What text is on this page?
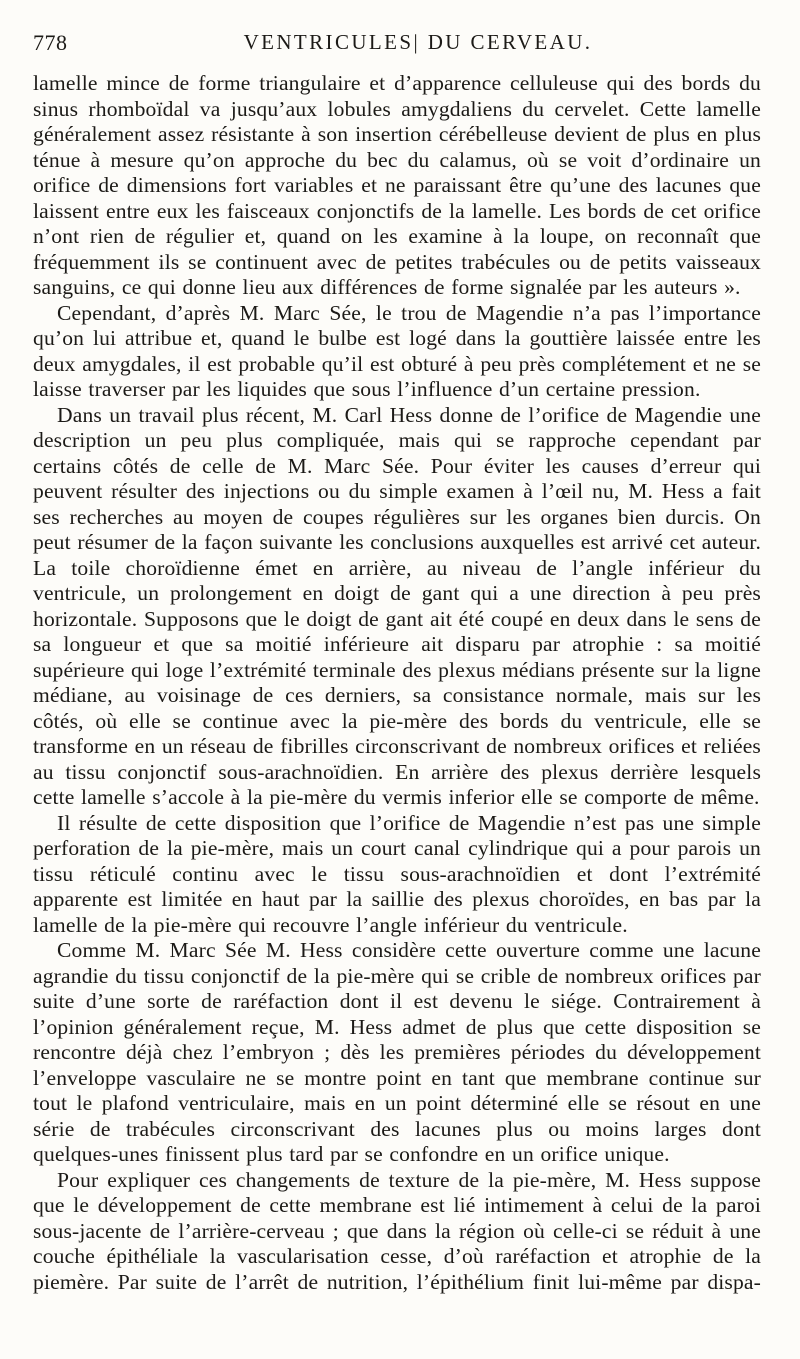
778	VENTRICULES| DU CERVEAU.

lamelle mince de forme triangulaire et d’apparence celluleuse qui des bords du sinus rhomboïdal va jusqu’aux lobules amygdaliens du cervelet. Cette lamelle généralement assez résistante à son insertion cérébelleuse devient de plus en plus ténue à mesure qu’on approche du bec du calamus, où se voit d’ordinaire un orifice de dimensions fort variables et ne paraissant être qu’une des lacunes que laissent entre eux les faisceaux conjonctifs de la lamelle. Les bords de cet orifice n’ont rien de régulier et, quand on les examine à la loupe, on reconnaît que fréquemment ils se continuent avec de petites trabécules ou de petits vaisseaux sanguins, ce qui donne lieu aux différences de forme signalée par les auteurs ».

Cependant, d’après M. Marc Sée, le trou de Magendie n’a pas l’importance qu’on lui attribue et, quand le bulbe est logé dans la gouttière laissée entre les deux amygdales, il est probable qu’il est obturé à peu près complétement et ne se laisse traverser par les liquides que sous l’influence d’un certaine pression.

Dans un travail plus récent, M. Carl Hess donne de l’orifice de Magendie une description un peu plus compliquée, mais qui se rapproche cependant par certains côtés de celle de M. Marc Sée. Pour éviter les causes d’erreur qui peuvent résulter des injections ou du simple examen à l’œil nu, M. Hess a fait ses recherches au moyen de coupes régulières sur les organes bien durcis. On peut résumer de la façon suivante les conclusions auxquelles est arrivé cet auteur. La toile choroïdienne émet en arrière, au niveau de l’angle inférieur du ventricule, un prolongement en doigt de gant qui a une direction à peu près horizontale. Supposons que le doigt de gant ait été coupé en deux dans le sens de sa longueur et que sa moitié inférieure ait disparu par atrophie : sa moitié supérieure qui loge l’extrémité terminale des plexus médians présente sur la ligne médiane, au voisinage de ces derniers, sa consistance normale, mais sur les côtés, où elle se continue avec la pie-mère des bords du ventricule, elle se transforme en un réseau de fibrilles circonscrivant de nombreux orifices et reliées au tissu conjonctif sous-arachnoïdien. En arrière des plexus derrière lesquels cette lamelle s’accole à la pie-mère du vermis inferior elle se comporte de même.

Il résulte de cette disposition que l’orifice de Magendie n’est pas une simple perforation de la pie-mère, mais un court canal cylindrique qui a pour parois un tissu réticulé continu avec le tissu sous-arachnoïdien et dont l’extrémité apparente est limitée en haut par la saillie des plexus choroïdes, en bas par la lamelle de la pie-mère qui recouvre l’angle inférieur du ventricule.

Comme M. Marc Sée M. Hess considère cette ouverture comme une lacune agrandie du tissu conjonctif de la pie-mère qui se crible de nombreux orifices par suite d’une sorte de raréfaction dont il est devenu le siége. Contrairement à l’opinion généralement reçue, M. Hess admet de plus que cette disposition se rencontre déjà chez l’embryon ; dès les premières périodes du développement l’enveloppe vasculaire ne se montre point en tant que membrane continue sur tout le plafond ventriculaire, mais en un point déterminé elle se résout en une série de trabécules circonscrivant des lacunes plus ou moins larges dont quelques-unes finissent plus tard par se confondre en un orifice unique.

Pour expliquer ces changements de texture de la pie-mère, M. Hess suppose que le développement de cette membrane est lié intimement à celui de la paroi sous-jacente de l’arrière-cerveau ; que dans la région où celle-ci se réduit à une couche épithéliale la vascularisation cesse, d’où raréfaction et atrophie de la piemère. Par suite de l’arrêt de nutrition, l’épithélium finit lui-même par dispa-
